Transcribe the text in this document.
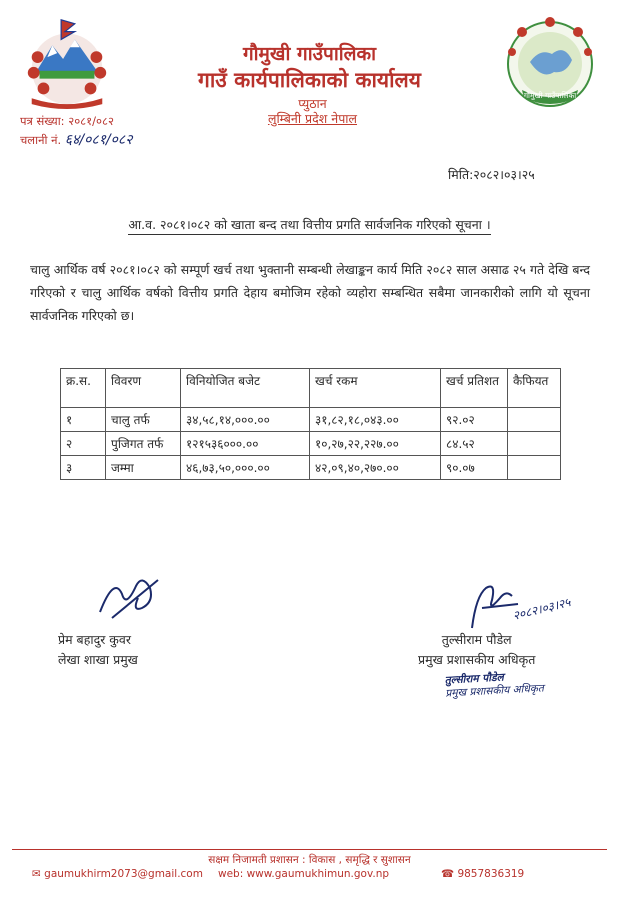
गौमुखी गाउँपालिका
गौमुखी गाउँपालिका
गाउँ कार्यपालिकाको कार्यालय
प्युठान
लुम्बिनी प्रदेश नेपाल
पत्र संख्या: २०८१/०८२
चलानी नं. ६४/०८१/०८२
मिति:२०८२।०३।२५
आ.व. २०८१।०८२ को खाता बन्द तथा वित्तीय प्रगति सार्वजनिक गरिएको सूचना ।
चालु आर्थिक वर्ष २०८१।०८२ को सम्पूर्ण खर्च तथा भुक्तानी सम्बन्धी लेखाङ्कन कार्य मिति २०८२ साल असाढ २५ गते देखि बन्द गरिएको र चालु आर्थिक वर्षको वित्तीय प्रगति देहाय बमोजिम रहेको व्यहोरा सम्बन्धित सबैमा जानकारीको लागि यो सूचना सार्वजनिक गरिएको छ।
क्र.स.	विवरण	विनियोजित बजेट	खर्च रकम	खर्च प्रतिशत	कैफियत
१	चालु तर्फ	३४,५८,१४,०००.००	३१,८२,१८,०४३.००	९२.०२	
२	पुजिगत तर्फ	१२१५३६०००.००	१०,२७,२२,२२७.००	८४.५२	
३	जम्मा	४६,७३,५०,०००.००	४२,०९,४०,२७०.००	९०.०७	
प्रेम बहादुर कुवर
लेखा शाखा प्रमुख
२०८२।०३।२५
तुल्सीराम पौडेल
प्रमुख प्रशासकीय अधिकृत
तुल्सीराम पौडेल
प्रमुख प्रशासकीय अधिकृत
सक्षम निजामती प्रशासन : विकास , समृद्धि र सुशासन
✉ gaumukhirm2073@gmail.com web: www.gaumukhimun.gov.np	☎ 9857836319
